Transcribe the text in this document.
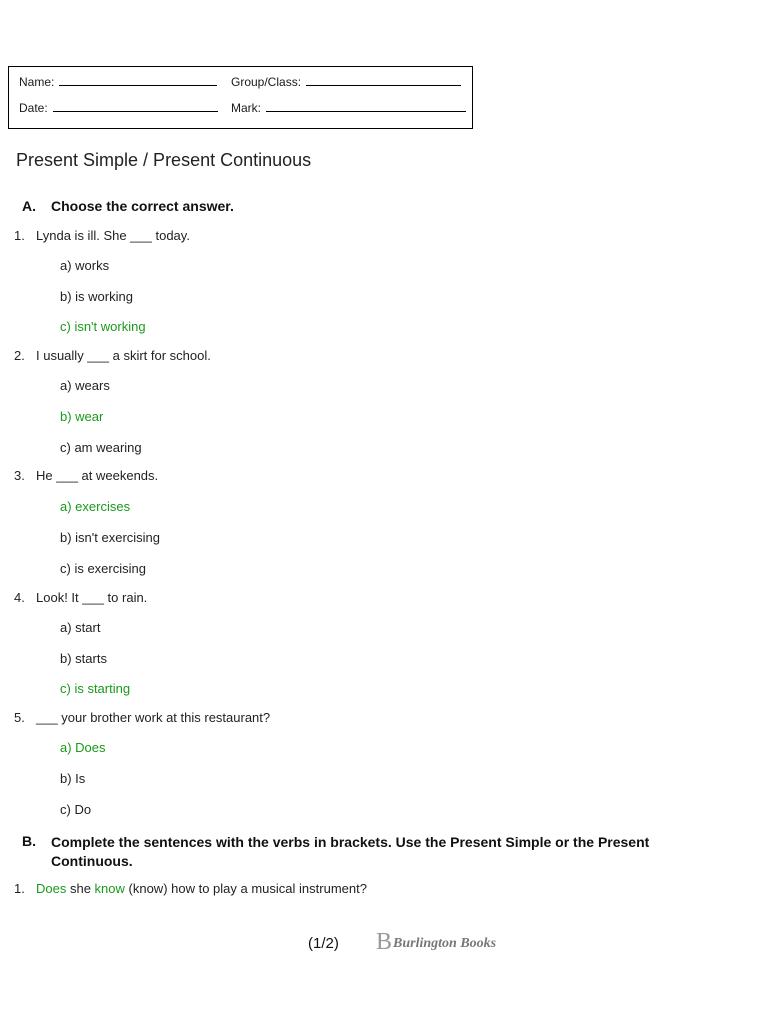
Name:	Group/Class:
Date:	Mark:
Present Simple / Present Continuous
A. Choose the correct answer.
1. Lynda is ill. She ___ today.
a) works
b) is working
c) isn't working
2. I usually ___ a skirt for school.
a) wears
b) wear
c) am wearing
3. He ___ at weekends.
a) exercises
b) isn't exercising
c) is exercising
4. Look! It ___ to rain.
a) start
b) starts
c) is starting
5. ___ your brother work at this restaurant?
a) Does
b) Is
c) Do
B. Complete the sentences with the verbs in brackets. Use the Present Simple or the Present
Continuous.
1. Does she know (know) how to play a musical instrument?
(1/2) B Burlington Books
